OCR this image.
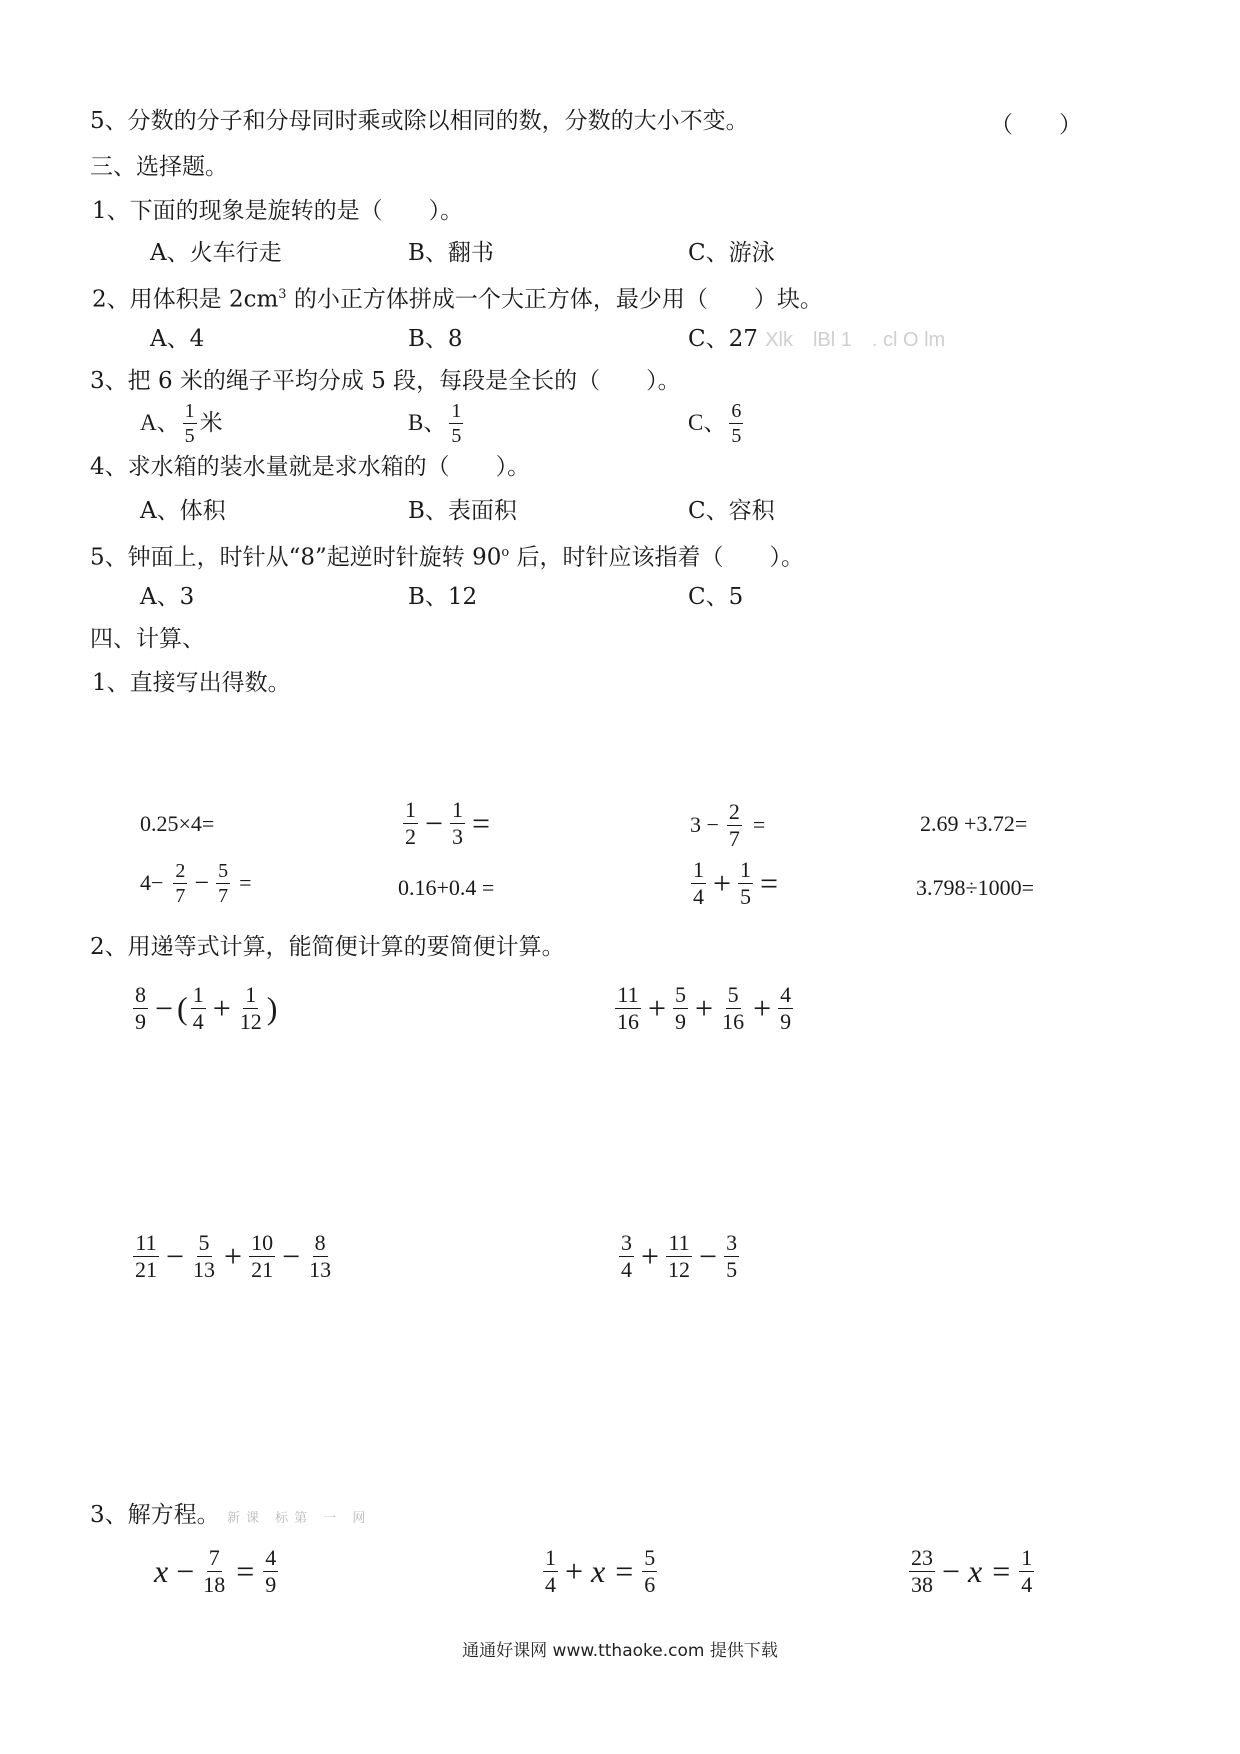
5、分数的分子和分母同时乘或除以相同的数，分数的大小不变。	（　　）
三、选择题。
1、下面的现象是旋转的是（　　）。
A、火车行走	B、翻书	C、游泳
2、用体积是 $2cm^3$ 的小正方体拼成一个大正方体，最少用（　　）块。
A、4	B、8	C、27 Xlk　lBl 1　. cl O lm
3、把 6 米的绳子平均分成 5 段，每段是全长的（　　）。
A、 $\frac{1}{5}$ 米	B、 $\frac{1}{5}$	C、 $\frac{6}{5}$
4、求水箱的装水量就是求水箱的（　　）。
A、体积	B、表面积	C、容积
5、钟面上，时针从“8”起逆时针旋转 90$^o$ 后，时针应该指着（　　）。
A、3	B、12	C、5
四、计算、
1、直接写出得数。
0.25×4=	$\frac{1}{2} - \frac{1}{3}$ =	$3 - \frac{2}{7}$ =	2.69 +3.72=
$4- \frac{2}{7} - \frac{5}{7}$ =	0.16+0.4 =	$\frac{1}{4} + \frac{1}{5}$ =	3.798÷1000=
2、用递等式计算，能简便计算的要简便计算。
$\frac{8}{9}$ − ( $\frac{1}{4} + \frac{1}{12}$ )	$\frac{11}{16} + \frac{5}{9} + \frac{5}{16} + \frac{4}{9}$
$\frac{11}{21} - \frac{5}{13} + \frac{10}{21} - \frac{8}{13}$	$\frac{3}{4} + \frac{11}{12} - \frac{3}{5}$
3、解方程。 新课 标第 一 网
$x - \frac{7}{18} = \frac{4}{9}$	$\frac{1}{4} + x = \frac{5}{6}$	$\frac{23}{38} - x = \frac{1}{4}$
通通好课网 www.tthaoke.com 提供下载
